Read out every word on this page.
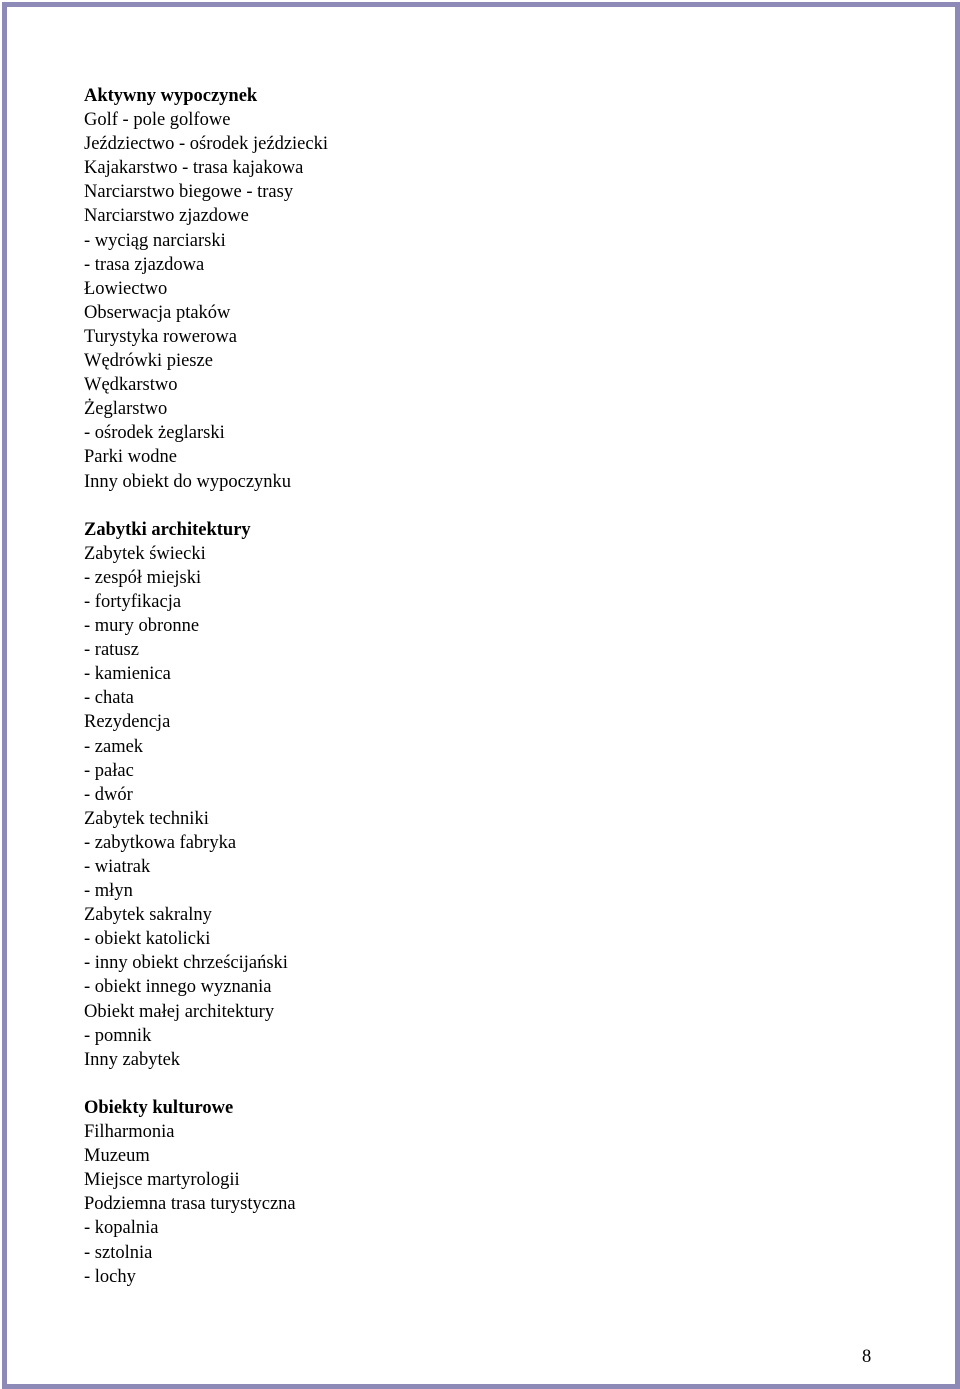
Aktywny wypoczynek
Golf - pole golfowe
Jeździectwo - ośrodek jeździecki
Kajakarstwo - trasa kajakowa
Narciarstwo biegowe - trasy
Narciarstwo zjazdowe
- wyciąg narciarski
- trasa zjazdowa
Łowiectwo
Obserwacja ptaków
Turystyka rowerowa
Wędrówki piesze
Wędkarstwo
Żeglarstwo
- ośrodek żeglarski
Parki wodne
Inny obiekt do wypoczynku
Zabytki architektury
Zabytek świecki
- zespół miejski
- fortyfikacja
- mury obronne
- ratusz
- kamienica
- chata
Rezydencja
- zamek
- pałac
- dwór
Zabytek techniki
- zabytkowa fabryka
- wiatrak
- młyn
Zabytek sakralny
- obiekt katolicki
- inny obiekt chrześcijański
- obiekt innego wyznania
Obiekt małej architektury
- pomnik
Inny zabytek
Obiekty kulturowe
Filharmonia
Muzeum
Miejsce martyrologii
Podziemna trasa turystyczna
- kopalnia
- sztolnia
- lochy
8
